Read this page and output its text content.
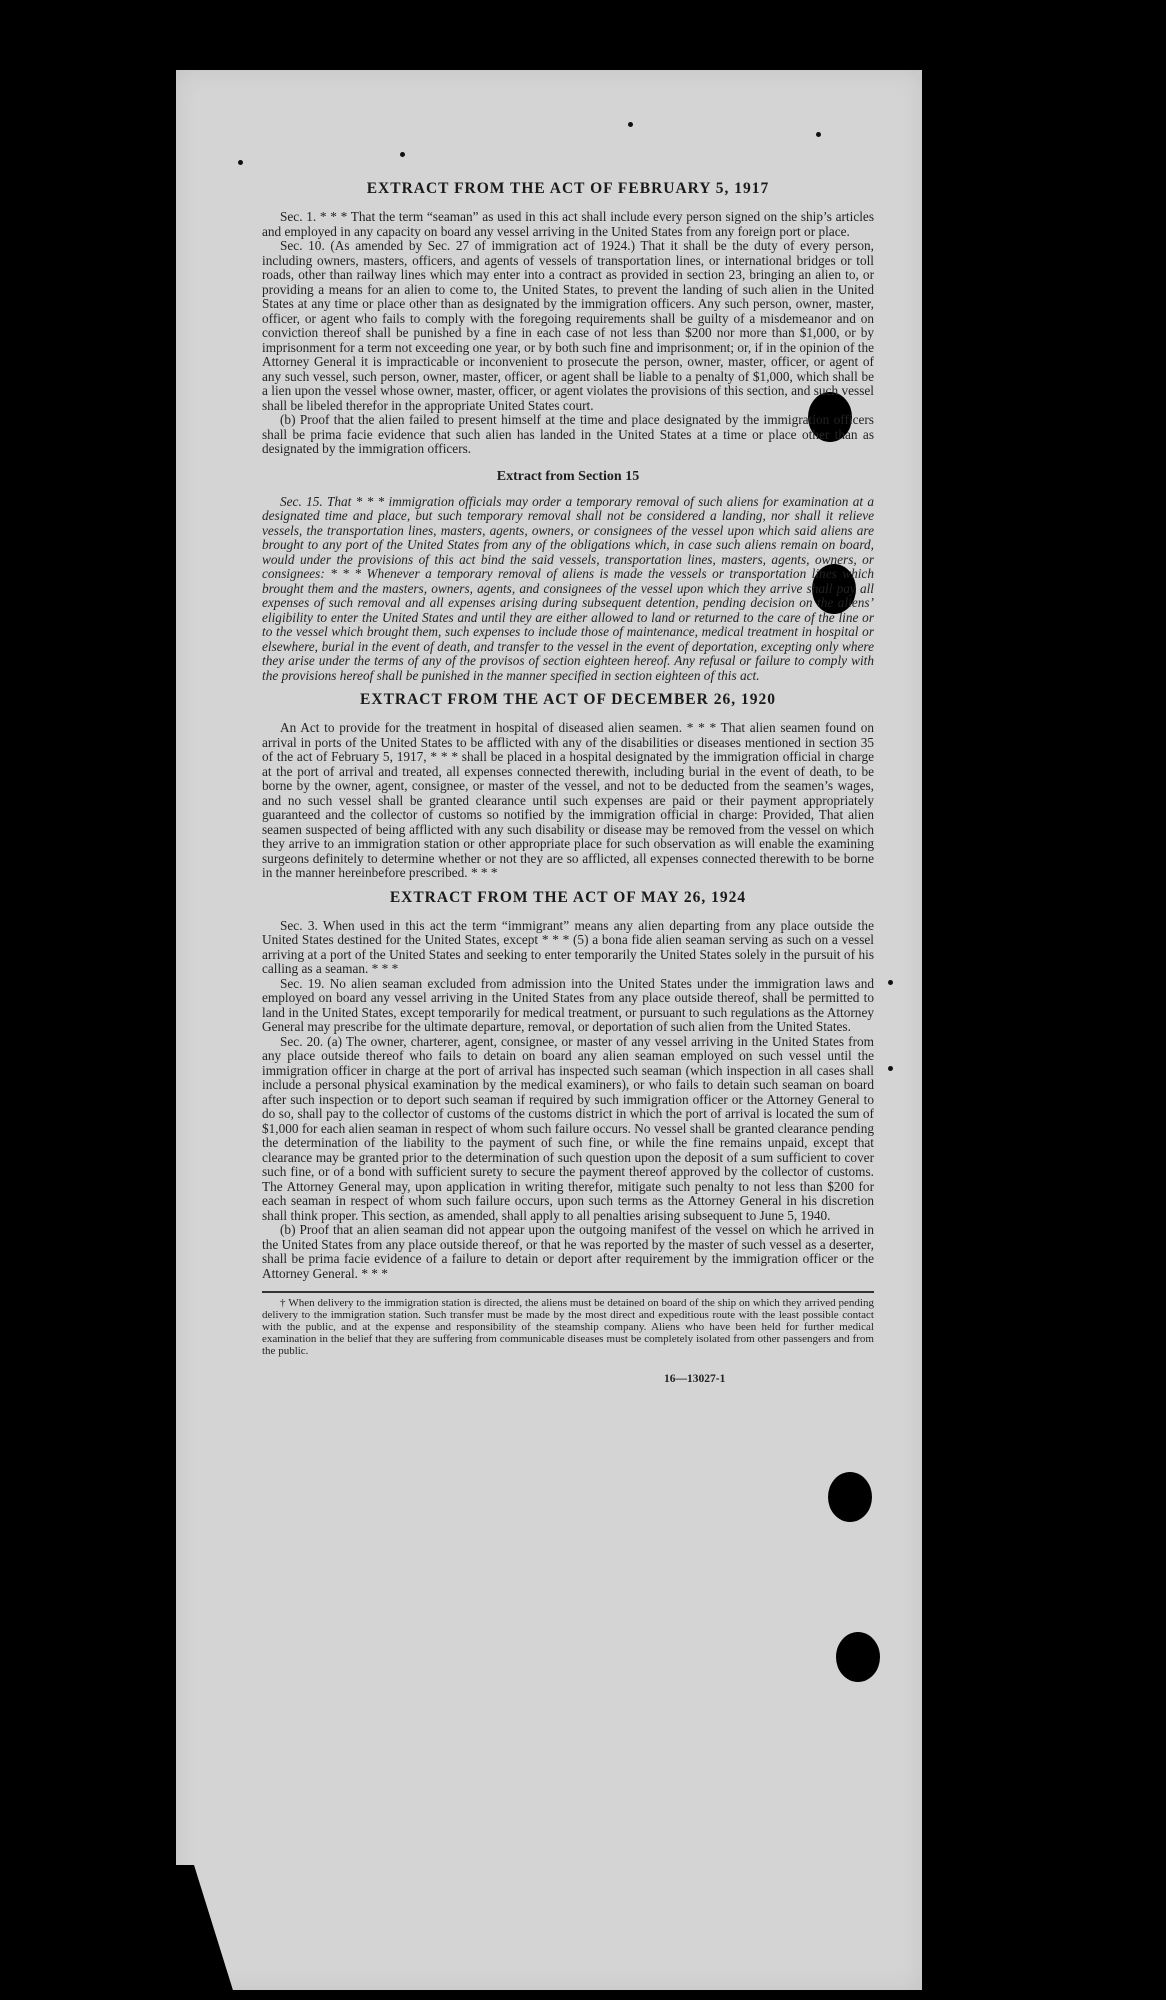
EXTRACT FROM THE ACT OF FEBRUARY 5, 1917

Sec. 1. * * * That the term “seaman” as used in this act shall include every person signed on the ship’s articles and employed in any capacity on board any vessel arriving in the United States from any foreign port or place.

Sec. 10. (As amended by Sec. 27 of immigration act of 1924.) That it shall be the duty of every person, including owners, masters, officers, and agents of vessels of transportation lines, or international bridges or toll roads, other than railway lines which may enter into a contract as provided in section 23, bringing an alien to, or providing a means for an alien to come to, the United States, to prevent the landing of such alien in the United States at any time or place other than as designated by the immigration officers. Any such person, owner, master, officer, or agent who fails to comply with the foregoing requirements shall be guilty of a misdemeanor and on conviction thereof shall be punished by a fine in each case of not less than $200 nor more than $1,000, or by imprisonment for a term not exceeding one year, or by both such fine and imprisonment; or, if in the opinion of the Attorney General it is impracticable or inconvenient to prosecute the person, owner, master, officer, or agent of any such vessel, such person, owner, master, officer, or agent shall be liable to a penalty of $1,000, which shall be a lien upon the vessel whose owner, master, officer, or agent violates the provisions of this section, and such vessel shall be libeled therefor in the appropriate United States court.

(b) Proof that the alien failed to present himself at the time and place designated by the immigration officers shall be prima facie evidence that such alien has landed in the United States at a time or place other than as designated by the immigration officers.

Extract from Section 15

Sec. 15. That * * * immigration officials may order a temporary removal of such aliens for examination at a designated time and place, but such temporary removal shall not be considered a landing, nor shall it relieve vessels, the transportation lines, masters, agents, owners, or consignees of the vessel upon which said aliens are brought to any port of the United States from any of the obligations which, in case such aliens remain on board, would under the provisions of this act bind the said vessels, transportation lines, masters, agents, owners, or consignees: * * * Whenever a temporary removal of aliens is made the vessels or transportation lines which brought them and the masters, owners, agents, and consignees of the vessel upon which they arrive shall pay all expenses of such removal and all expenses arising during subsequent detention, pending decision on the aliens’ eligibility to enter the United States and until they are either allowed to land or returned to the care of the line or to the vessel which brought them, such expenses to include those of maintenance, medical treatment in hospital or elsewhere, burial in the event of death, and transfer to the vessel in the event of deportation, excepting only where they arise under the terms of any of the provisos of section eighteen hereof. Any refusal or failure to comply with the provisions hereof shall be punished in the manner specified in section eighteen of this act.

EXTRACT FROM THE ACT OF DECEMBER 26, 1920

An Act to provide for the treatment in hospital of diseased alien seamen. * * * That alien seamen found on arrival in ports of the United States to be afflicted with any of the disabilities or diseases mentioned in section 35 of the act of February 5, 1917, * * * shall be placed in a hospital designated by the immigration official in charge at the port of arrival and treated, all expenses connected therewith, including burial in the event of death, to be borne by the owner, agent, consignee, or master of the vessel, and not to be deducted from the seamen’s wages, and no such vessel shall be granted clearance until such expenses are paid or their payment appropriately guaranteed and the collector of customs so notified by the immigration official in charge: Provided, That alien seamen suspected of being afflicted with any such disability or disease may be removed from the vessel on which they arrive to an immigration station or other appropriate place for such observation as will enable the examining surgeons definitely to determine whether or not they are so afflicted, all expenses connected therewith to be borne in the manner hereinbefore prescribed. * * *

EXTRACT FROM THE ACT OF MAY 26, 1924

Sec. 3. When used in this act the term “immigrant” means any alien departing from any place outside the United States destined for the United States, except * * * (5) a bona fide alien seaman serving as such on a vessel arriving at a port of the United States and seeking to enter temporarily the United States solely in the pursuit of his calling as a seaman. * * *

Sec. 19. No alien seaman excluded from admission into the United States under the immigration laws and employed on board any vessel arriving in the United States from any place outside thereof, shall be permitted to land in the United States, except temporarily for medical treatment, or pursuant to such regulations as the Attorney General may prescribe for the ultimate departure, removal, or deportation of such alien from the United States.

Sec. 20. (a) The owner, charterer, agent, consignee, or master of any vessel arriving in the United States from any place outside thereof who fails to detain on board any alien seaman employed on such vessel until the immigration officer in charge at the port of arrival has inspected such seaman (which inspection in all cases shall include a personal physical examination by the medical examiners), or who fails to detain such seaman on board after such inspection or to deport such seaman if required by such immigration officer or the Attorney General to do so, shall pay to the collector of customs of the customs district in which the port of arrival is located the sum of $1,000 for each alien seaman in respect of whom such failure occurs. No vessel shall be granted clearance pending the determination of the liability to the payment of such fine, or while the fine remains unpaid, except that clearance may be granted prior to the determination of such question upon the deposit of a sum sufficient to cover such fine, or of a bond with sufficient surety to secure the payment thereof approved by the collector of customs. The Attorney General may, upon application in writing therefor, mitigate such penalty to not less than $200 for each seaman in respect of whom such failure occurs, upon such terms as the Attorney General in his discretion shall think proper. This section, as amended, shall apply to all penalties arising subsequent to June 5, 1940.

(b) Proof that an alien seaman did not appear upon the outgoing manifest of the vessel on which he arrived in the United States from any place outside thereof, or that he was reported by the master of such vessel as a deserter, shall be prima facie evidence of a failure to detain or deport after requirement by the immigration officer or the Attorney General. * * *

† When delivery to the immigration station is directed, the aliens must be detained on board of the ship on which they arrived pending delivery to the immigration station. Such transfer must be made by the most direct and expeditious route with the least possible contact with the public, and at the expense and responsibility of the steamship company. Aliens who have been held for further medical examination in the belief that they are suffering from communicable diseases must be completely isolated from other passengers and from the public.

16—13027-1
